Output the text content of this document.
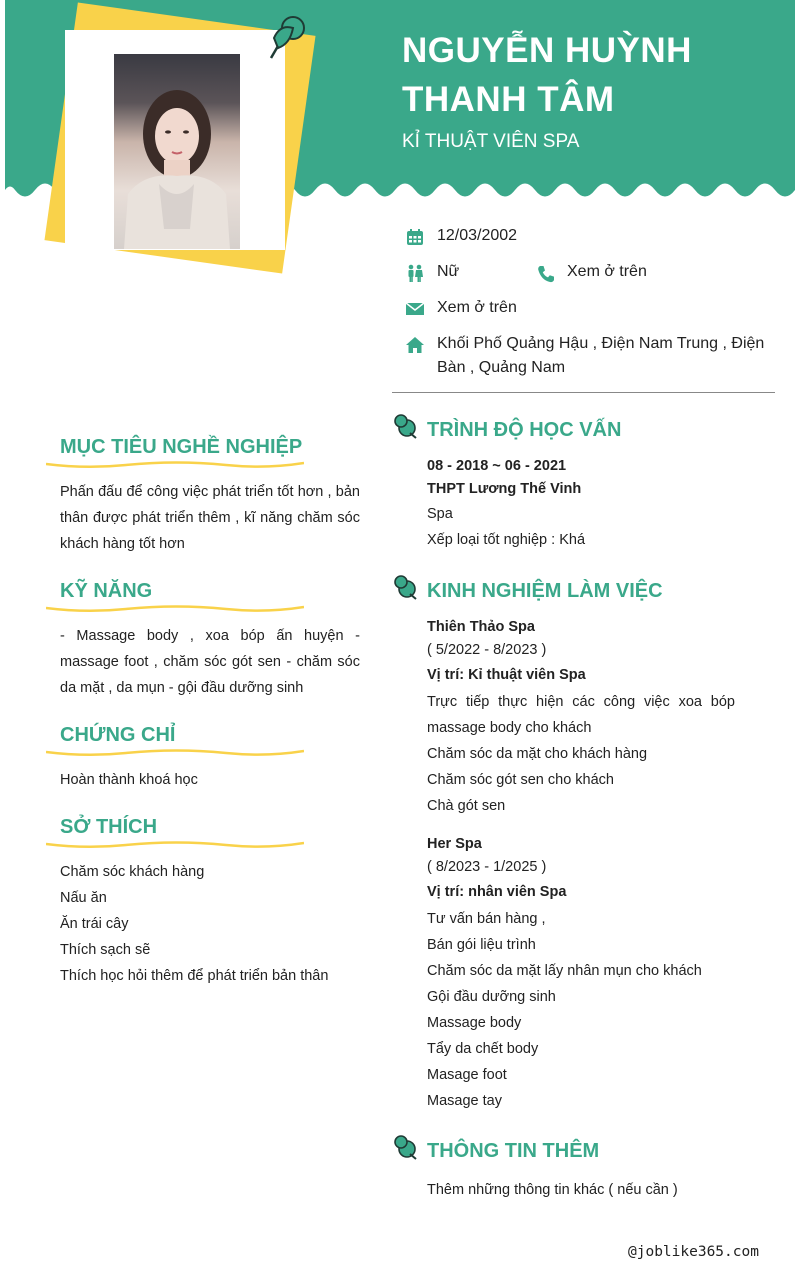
NGUYỄN HUỲNH THANH TÂM
KỈ THUẬT VIÊN SPA
12/03/2002
Nữ	Xem ở trên
Xem ở trên
Khối Phố Quảng Hậu , Điện Nam Trung , Điện Bàn , Quảng Nam
MỤC TIÊU NGHỀ NGHIỆP
Phấn đấu để công việc phát triển tốt hơn , bản thân được phát triển thêm , kĩ năng chăm sóc khách hàng tốt hơn
KỸ NĂNG
- Massage body , xoa bóp ấn huyện - massage foot , chăm sóc gót sen - chăm sóc da mặt , da mụn - gội đầu dưỡng sinh
CHỨNG CHỈ
Hoàn thành khoá học
SỞ THÍCH
Chăm sóc khách hàng
Nấu ăn
Ăn trái cây
Thích sạch sẽ
Thích học hỏi thêm để phát triển bản thân
TRÌNH ĐỘ HỌC VẤN
08 - 2018 ~ 06 - 2021
THPT Lương Thế Vinh
Spa
Xếp loại tốt nghiệp : Khá
KINH NGHIỆM LÀM VIỆC
Thiên Thảo Spa
( 5/2022 - 8/2023 )
Vị trí: Kỉ thuật viên Spa
Trực tiếp thực hiện các công việc xoa bóp massage body cho khách
Chăm sóc da mặt cho khách hàng
Chăm sóc gót sen cho khách
Chà gót sen
Her Spa
( 8/2023 - 1/2025 )
Vị trí: nhân viên Spa
Tư vấn bán hàng ,
Bán gói liệu trình
Chăm sóc da mặt lấy nhân mụn cho khách
Gội đầu dưỡng sinh
Massage body
Tẩy da chết body
Masage foot
Masage tay
THÔNG TIN THÊM
Thêm những thông tin khác ( nếu cần )
@joblike365.com
